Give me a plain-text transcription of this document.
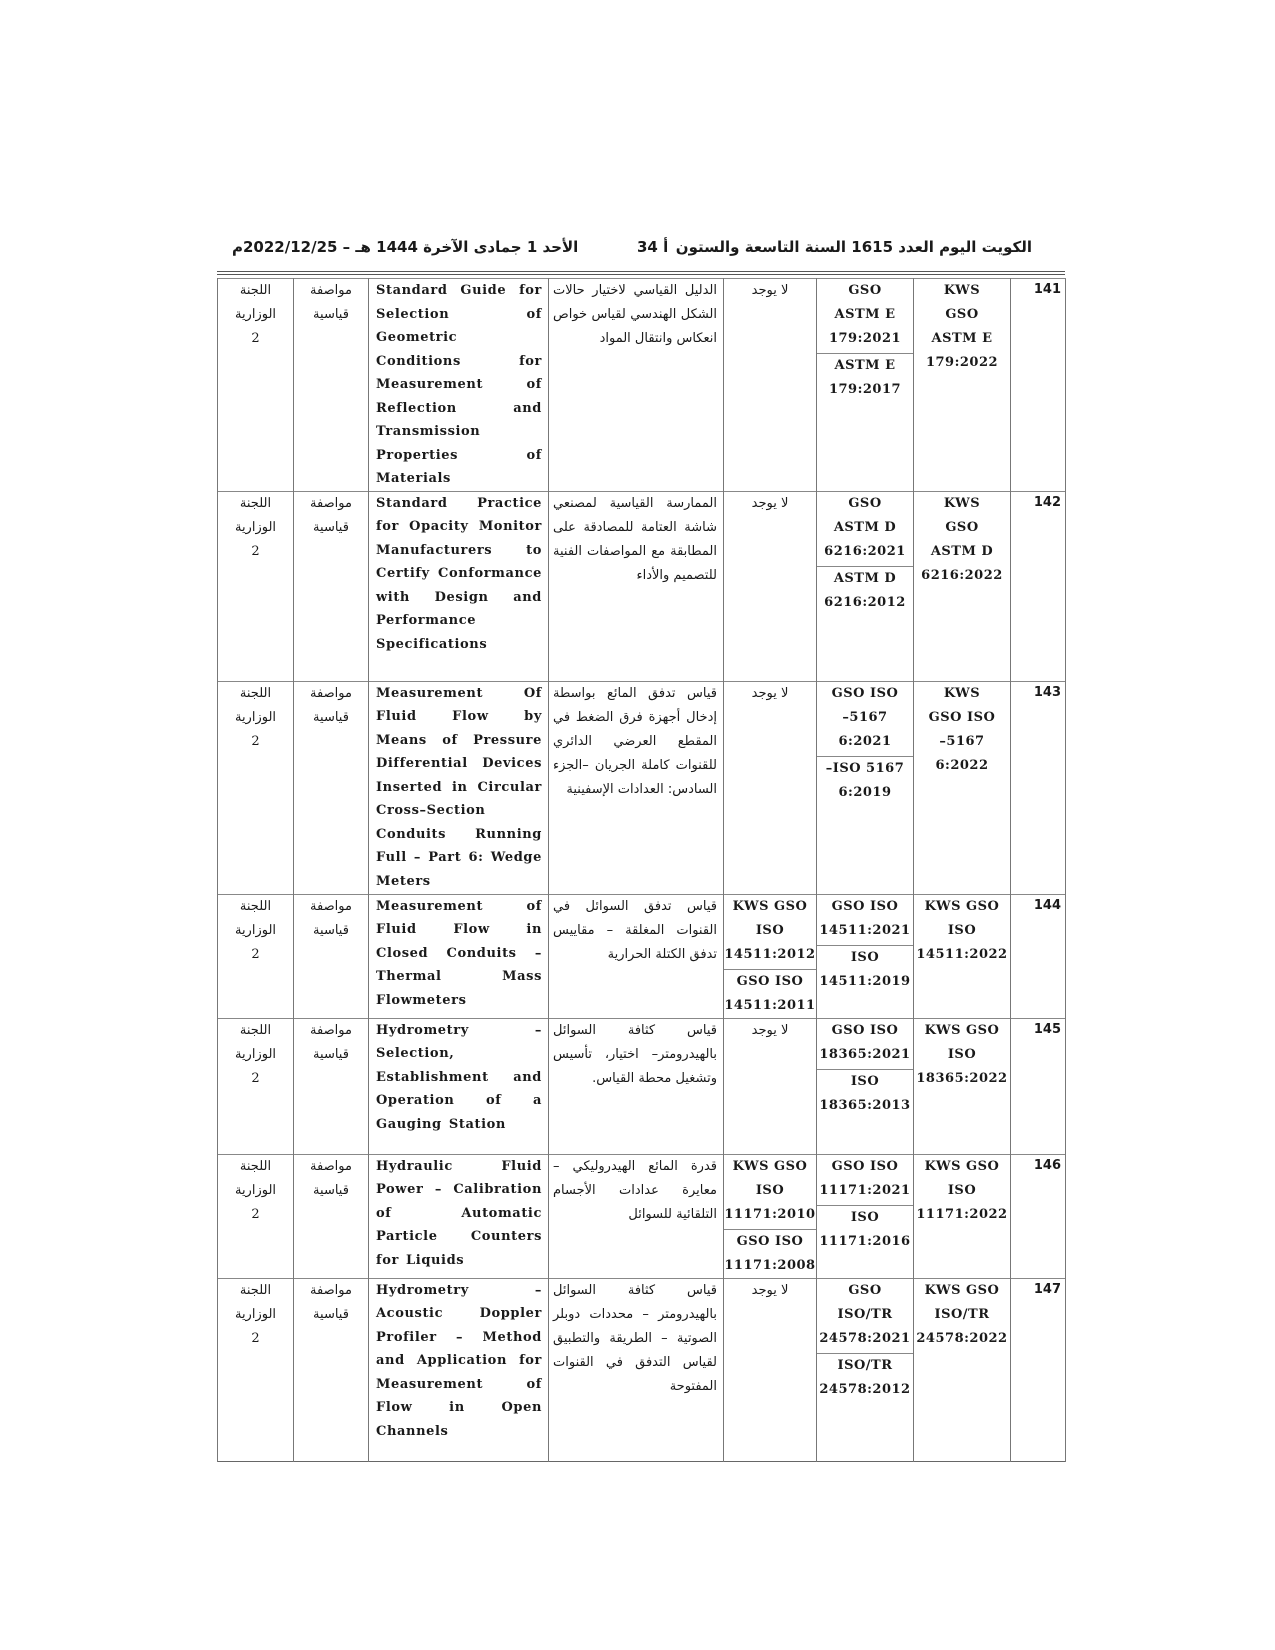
الكويت اليوم العدد 1615 السنة التاسعة والستون
أ 34
الأحد 1 جمادى الآخرة 1444 هـ – 2022/12/25م
141	KWS
GSO
ASTM E
179:2022	GSO
ASTM E
179:2021
ASTM E
179:2017	لا يوجد	الدليل القياسي لاختيار حالات الشكل الهندسي لقياس خواص انعكاس وانتقال المواد	Standard Guide for Selection of Geometric Conditions for Measurement of Reflection and Transmission Properties of Materials	مواصفة
قياسية	اللجنة
الوزارية
2

142	KWS
GSO
ASTM D
6216:2022	GSO
ASTM D
6216:2021
ASTM D
6216:2012	لا يوجد	الممارسة القياسية لمصنعي شاشة العتامة للمصادقة على المطابقة مع المواصفات الفنية للتصميم والأداء	Standard Practice for Opacity Monitor Manufacturers to Certify Conformance with Design and Performance Specifications	مواصفة
قياسية	اللجنة
الوزارية
2

143	KWS
GSO ISO
5167–
6:2022	GSO ISO
5167–
6:2021
ISO 5167–
6:2019	لا يوجد	قياس تدفق المائع بواسطة إدخال أجهزة فرق الضغط في المقطع العرضي الدائري للقنوات كاملة الجريان –الجزء السادس: العدادات الإسفينية	Measurement Of Fluid Flow by Means of Pressure Differential Devices Inserted in Circular Cross–Section Conduits Running Full – Part 6: Wedge Meters	مواصفة
قياسية	اللجنة
الوزارية
2

144	KWS GSO
ISO
14511:2022	GSO ISO
14511:2021
ISO
14511:2019	KWS GSO
ISO
14511:2012
GSO ISO
14511:2011	قياس تدفق السوائل في القنوات المغلقة – مقاييس تدفق الكتلة الحرارية	Measurement of Fluid Flow in Closed Conduits – Thermal Mass Flowmeters	مواصفة
قياسية	اللجنة
الوزارية
2

145	KWS GSO
ISO
18365:2022	GSO ISO
18365:2021
ISO
18365:2013	لا يوجد	قياس كثافة السوائل بالهيدرومتر– اختيار، تأسيس وتشغيل محطة القياس.	Hydrometry – Selection, Establishment and Operation of a Gauging Station	مواصفة
قياسية	اللجنة
الوزارية
2

146	KWS GSO
ISO
11171:2022	GSO ISO
11171:2021
ISO
11171:2016	KWS GSO
ISO
11171:2010
GSO ISO
11171:2008	قدرة المائع الهيدروليكي – معايرة عدادات الأجسام التلقائية للسوائل	Hydraulic Fluid Power – Calibration of Automatic Particle Counters for Liquids	مواصفة
قياسية	اللجنة
الوزارية
2

147	KWS GSO
ISO/TR
24578:2022	GSO
ISO/TR
24578:2021
ISO/TR
24578:2012	لا يوجد	قياس كثافة السوائل بالهيدرومتر – محددات دوبلر الصوتية – الطريقة والتطبيق لقياس التدفق في القنوات المفتوحة	Hydrometry – Acoustic Doppler Profiler – Method and Application for Measurement of Flow in Open Channels	مواصفة
قياسية	اللجنة
الوزارية
2
